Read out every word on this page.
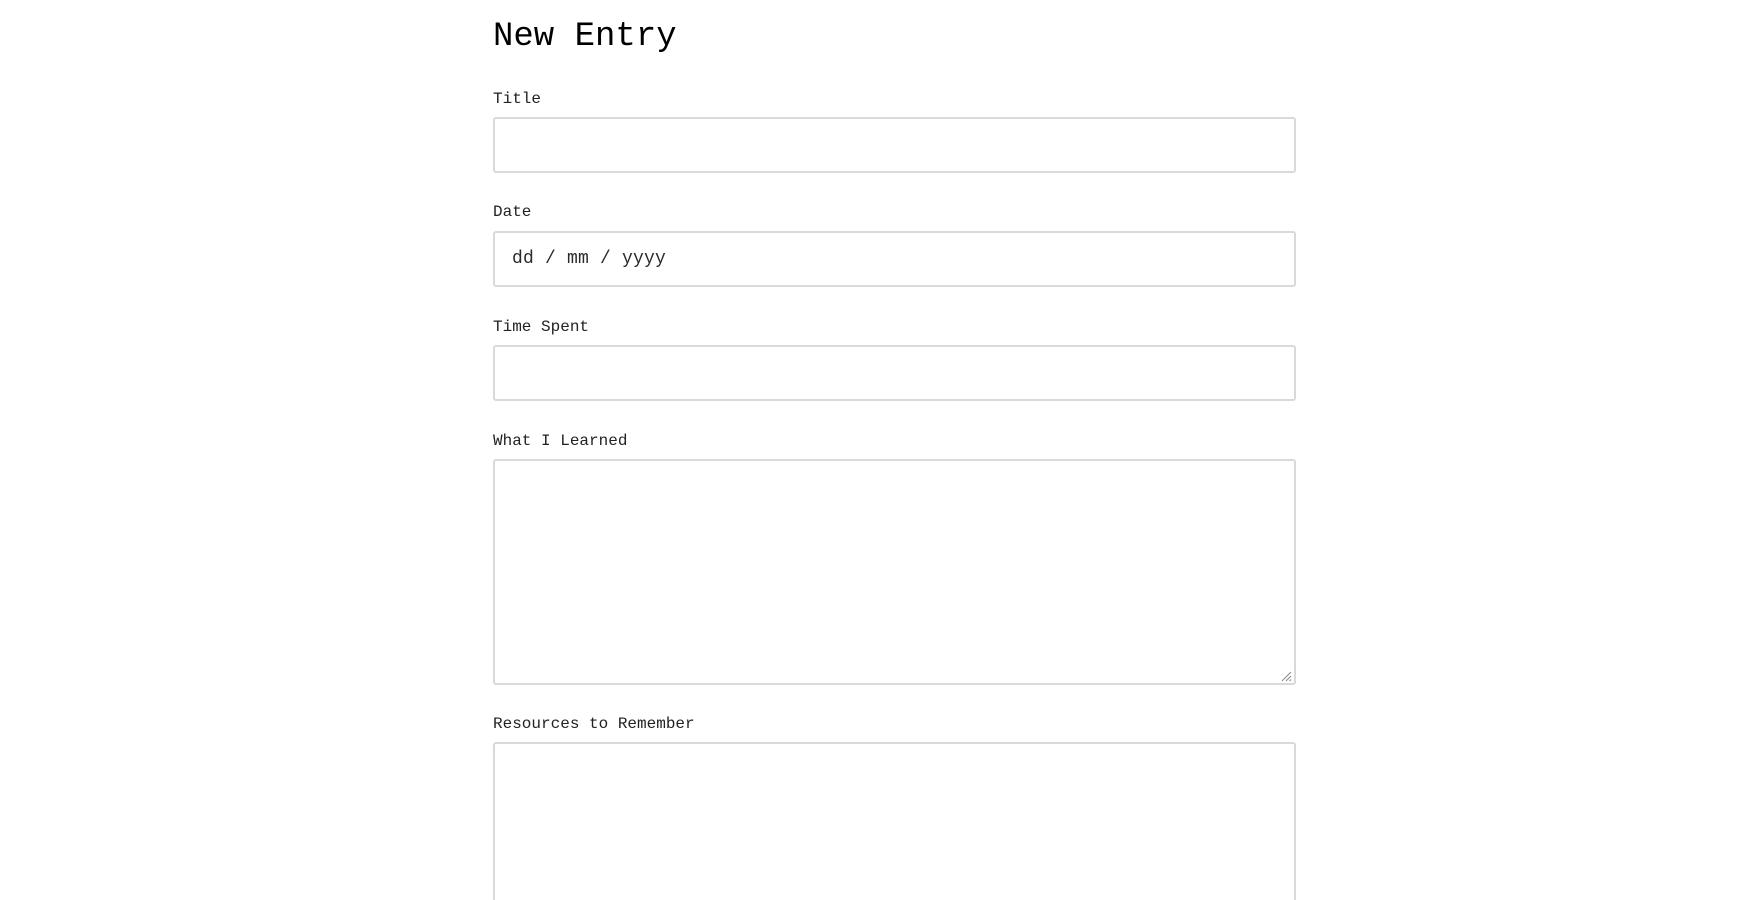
New Entry
Title
Date
dd / mm / yyyy
Time Spent
What I Learned
Resources to Remember
